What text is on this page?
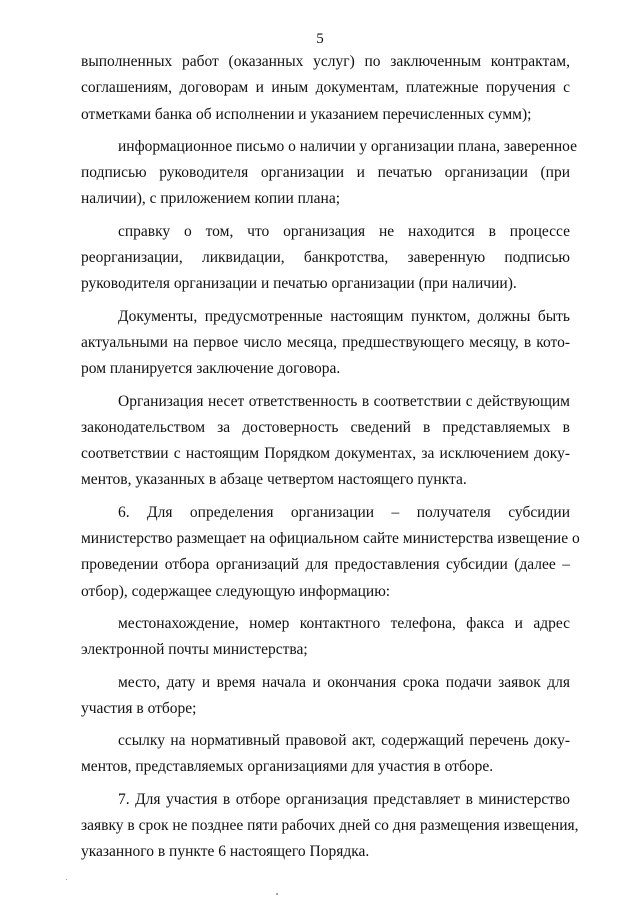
5

выполненных работ (оказанных услуг) по заключенным контрактам,
соглашениям, договорам и иным документам, платежные поручения с
отметками банка об исполнении и указанием перечисленных сумм);

информационное письмо о наличии у организации плана, заверенное
подписью руководителя организации и печатью организации (при
наличии), с приложением копии плана;

справку о том, что организация не находится в процессе
реорганизации, ликвидации, банкротства, заверенную подписью
руководителя организации и печатью организации (при наличии).

Документы, предусмотренные настоящим пунктом, должны быть
актуальными на первое число месяца, предшествующего месяцу, в кото-
ром планируется заключение договора.

Организация несет ответственность в соответствии с действующим
законодательством за достоверность сведений в представляемых в
соответствии с настоящим Порядком документах, за исключением доку-
ментов, указанных в абзаце четвертом настоящего пункта.

6. Для определения организации – получателя субсидии
министерство размещает на официальном сайте министерства извещение о
проведении отбора организаций для предоставления субсидии (далее –
отбор), содержащее следующую информацию:

местонахождение, номер контактного телефона, факса и адрес
электронной почты министерства;

место, дату и время начала и окончания срока подачи заявок для
участия в отборе;

ссылку на нормативный правовой акт, содержащий перечень доку-
ментов, представляемых организациями для участия в отборе.

7. Для участия в отборе организация представляет в министерство
заявку в срок не позднее пяти рабочих дней со дня размещения извещения,
указанного в пункте 6 настоящего Порядка.
